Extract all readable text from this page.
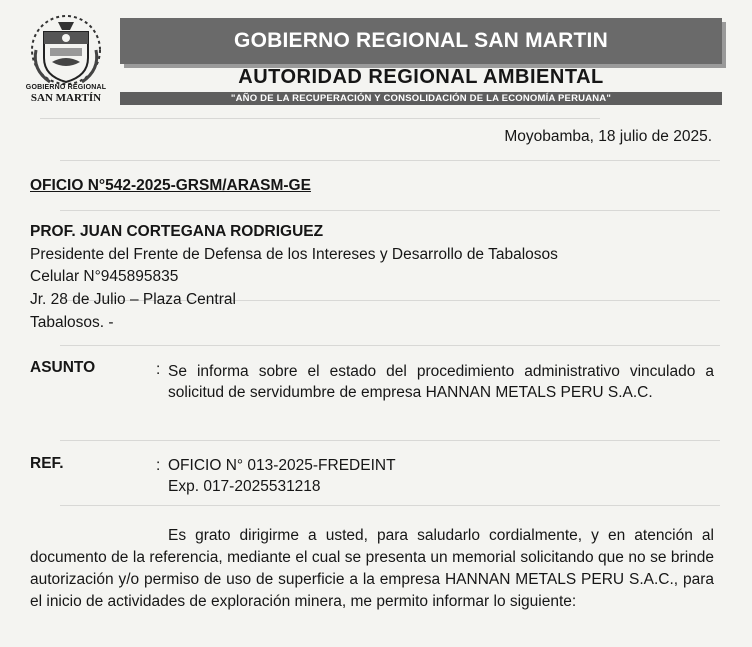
GOBIERNO REGIONAL
SAN MARTÍN
GOBIERNO REGIONAL SAN MARTIN
AUTORIDAD REGIONAL AMBIENTAL
"AÑO DE LA RECUPERACIÓN Y CONSOLIDACIÓN DE LA ECONOMÍA PERUANA"
Moyobamba, 18 julio de 2025.
OFICIO N°542-2025-GRSM/ARASM-GE
PROF. JUAN CORTEGANA RODRIGUEZ
Presidente del Frente de Defensa de los Intereses y Desarrollo de Tabalosos
Celular N°945895835
Jr. 28 de Julio – Plaza Central
Tabalosos. -
ASUNTO	: Se informa sobre el estado del procedimiento administrativo vinculado a solicitud de servidumbre de empresa HANNAN METALS PERU S.A.C.
REF.	: OFICIO N° 013-2025-FREDEINT
Exp. 017-2025531218
Es grato dirigirme a usted, para saludarlo cordialmente, y en atención al documento de la referencia, mediante el cual se presenta un memorial solicitando que no se brinde autorización y/o permiso de uso de superficie a la empresa HANNAN METALS PERU S.A.C., para el inicio de actividades de exploración minera, me permito informar lo siguiente:
